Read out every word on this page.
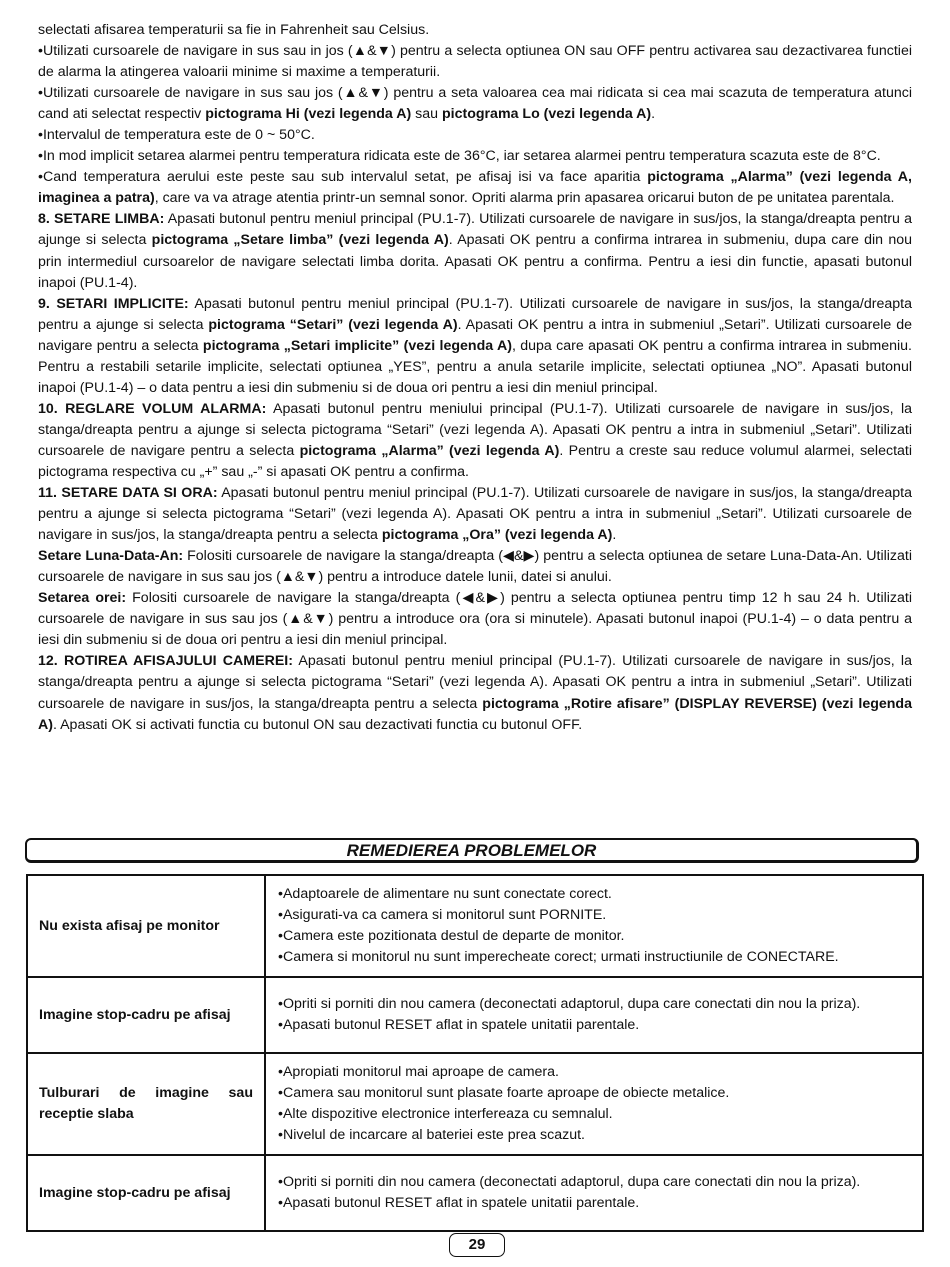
selectati afisarea temperaturii sa fie in Fahrenheit sau Celsius.

•Utilizati cursoarele de navigare in sus sau in jos (▲&▼) pentru a selecta optiunea ON sau OFF pentru activarea sau dezactivarea functiei de alarma la atingerea valoarii minime si maxime a temperaturii.

•Utilizati cursoarele de navigare in sus sau jos (▲&▼) pentru a seta valoarea cea mai ridicata si cea mai scazuta de temperatura atunci cand ati selectat respectiv pictograma Hi (vezi legenda A) sau pictograma Lo (vezi legenda A).

•Intervalul de temperatura este de 0 ~ 50°C.

•In mod implicit setarea alarmei pentru temperatura ridicata este de 36°C, iar setarea alarmei pentru temperatura scazuta este de 8°C.

•Cand temperatura aerului este peste sau sub intervalul setat, pe afisaj isi va face aparitia pictograma „Alarma” (vezi legenda A, imaginea a patra), care va va atrage atentia printr-un semnal sonor. Opriti alarma prin apasarea oricarui buton de pe unitatea parentala.

8. SETARE LIMBA: Apasati butonul pentru meniul principal (PU.1-7). Utilizati cursoarele de navigare in sus/jos, la stanga/dreapta pentru a ajunge si selecta pictograma „Setare limba” (vezi legenda A). Apasati OK pentru a confirma intrarea in submeniu, dupa care din nou prin intermediul cursoarelor de navigare selectati limba dorita. Apasati OK pentru a confirma. Pentru a iesi din functie, apasati butonul inapoi (PU.1-4).

9. SETARI IMPLICITE: Apasati butonul pentru meniul principal (PU.1-7). Utilizati cursoarele de navigare in sus/jos, la stanga/dreapta pentru a ajunge si selecta pictograma “Setari” (vezi legenda A). Apasati OK pentru a intra in submeniul „Setari”. Utilizati cursoarele de navigare pentru a selecta pictograma „Setari implicite” (vezi legenda A), dupa care apasati OK pentru a confirma intrarea in submeniu. Pentru a restabili setarile implicite, selectati optiunea „YES”, pentru a anula setarile implicite, selectati optiunea „NO”. Apasati butonul inapoi (PU.1-4) – o data pentru a iesi din submeniu si de doua ori pentru a iesi din meniul principal.

10. REGLARE VOLUM ALARMA: Apasati butonul pentru meniului principal (PU.1-7). Utilizati cursoarele de navigare in sus/jos, la stanga/dreapta pentru a ajunge si selecta pictograma “Setari” (vezi legenda A). Apasati OK pentru a intra in submeniul „Setari”. Utilizati cursoarele de navigare pentru a selecta pictograma „Alarma” (vezi legenda A). Pentru a creste sau reduce volumul alarmei, selectati pictograma respectiva cu „+” sau „-” si apasati OK pentru a confirma.

11. SETARE DATA SI ORA: Apasati butonul pentru meniul principal (PU.1-7). Utilizati cursoarele de navigare in sus/jos, la stanga/dreapta pentru a ajunge si selecta pictograma “Setari” (vezi legenda A). Apasati OK pentru a intra in submeniul „Setari”. Utilizati cursoarele de navigare in sus/jos, la stanga/dreapta pentru a selecta pictograma „Ora” (vezi legenda A).

Setare Luna-Data-An: Folositi cursoarele de navigare la stanga/dreapta (◀&▶) pentru a selecta optiunea de setare Luna-Data-An. Utilizati cursoarele de navigare in sus sau jos (▲&▼) pentru a introduce datele lunii, datei si anului.

Setarea orei: Folositi cursoarele de navigare la stanga/dreapta (◀&▶) pentru a selecta optiunea pentru timp 12 h sau 24 h. Utilizati cursoarele de navigare in sus sau jos (▲&▼) pentru a introduce ora (ora si minutele). Apasati butonul inapoi (PU.1-4) – o data pentru a iesi din submeniu si de doua ori pentru a iesi din meniul principal.

12. ROTIREA AFISAJULUI CAMEREI: Apasati butonul pentru meniul principal (PU.1-7). Utilizati cursoarele de navigare in sus/jos, la stanga/dreapta pentru a ajunge si selecta pictograma “Setari” (vezi legenda A). Apasati OK pentru a intra in submeniul „Setari”. Utilizati cursoarele de navigare in sus/jos, la stanga/dreapta pentru a selecta pictograma „Rotire afisare” (DISPLAY REVERSE) (vezi legenda A). Apasati OK si activati functia cu butonul ON sau dezactivati functia cu butonul OFF.

REMEDIEREA PROBLEMELOR
Nu exista afisaj pe monitor	•Adaptoarele de alimentare nu sunt conectate corect.
•Asigurati-va ca camera si monitorul sunt PORNITE.
•Camera este pozitionata destul de departe de monitor.
•Camera si monitorul nu sunt imperecheate corect; urmati instructiunile de CONECTARE.

Imagine stop-cadru pe afisaj	•Opriti si porniti din nou camera (deconectati adaptorul, dupa care conectati din nou la priza).
•Apasati butonul RESET aflat in spatele unitatii parentale.

Tulburari de imagine sau receptie slaba	•Apropiati monitorul mai aproape de camera.
•Camera sau monitorul sunt plasate foarte aproape de obiecte metalice.
•Alte dispozitive electronice interfereaza cu semnalul.
•Nivelul de incarcare al bateriei este prea scazut.

Imagine stop-cadru pe afisaj	•Opriti si porniti din nou camera (deconectati adaptorul, dupa care conectati din nou la priza).
•Apasati butonul RESET aflat in spatele unitatii parentale.
29
